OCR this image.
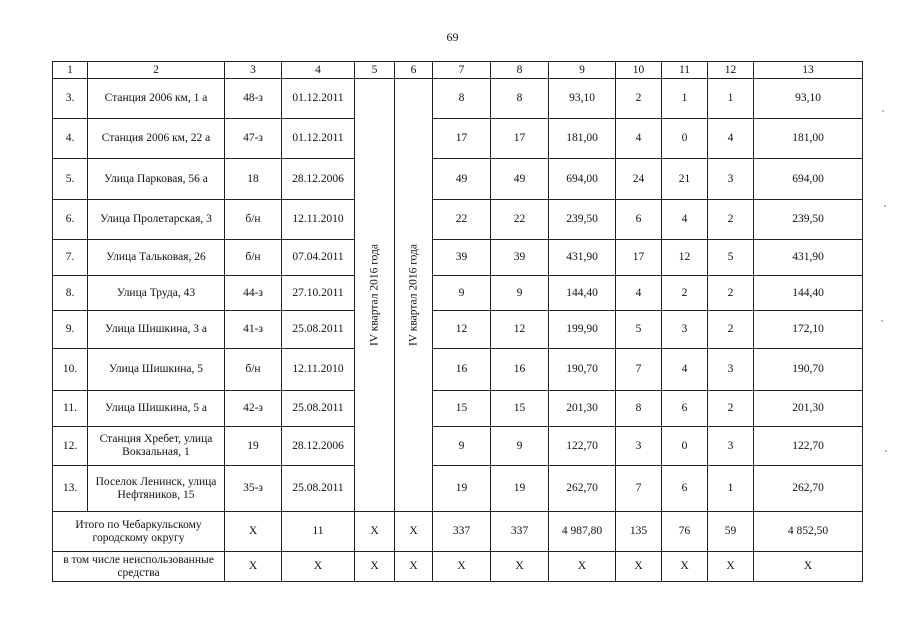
69
1	2	3	4	5	6	7	8	9	10	11	12	13
3.	Станция 2006 км, 1 а	48-з	01.12.2011	IV квартал 2016 года	IV квартал 2016 года	8	8	93,10	2	1	1	93,10
4.	Станция 2006 км, 22 а	47-з	01.12.2011			17	17	181,00	4	0	4	181,00
5.	Улица Парковая, 56 а	18	28.12.2006			49	49	694,00	24	21	3	694,00
6.	Улица Пролетарская, 3	б/н	12.11.2010			22	22	239,50	6	4	2	239,50
7.	Улица Тальковая, 26	б/н	07.04.2011			39	39	431,90	17	12	5	431,90
8.	Улица Труда, 43	44-з	27.10.2011			9	9	144,40	4	2	2	144,40
9.	Улица Шишкина, 3 а	41-з	25.08.2011			12	12	199,90	5	3	2	172,10
10.	Улица Шишкина, 5	б/н	12.11.2010			16	16	190,70	7	4	3	190,70
11.	Улица Шишкина, 5 а	42-з	25.08.2011			15	15	201,30	8	6	2	201,30
12.	Станция Хребет, улица Вокзальная, 1	19	28.12.2006			9	9	122,70	3	0	3	122,70
13.	Поселок Ленинск, улица Нефтяников, 15	35-з	25.08.2011			19	19	262,70	7	6	1	262,70
Итого по Чебаркульскому городскому округу		Х	11	Х	Х	337	337	4 987,80	135	76	59	4 852,50
в том числе неиспользованные средства		Х	Х	Х	Х	Х	Х	Х	Х	Х	Х	Х
